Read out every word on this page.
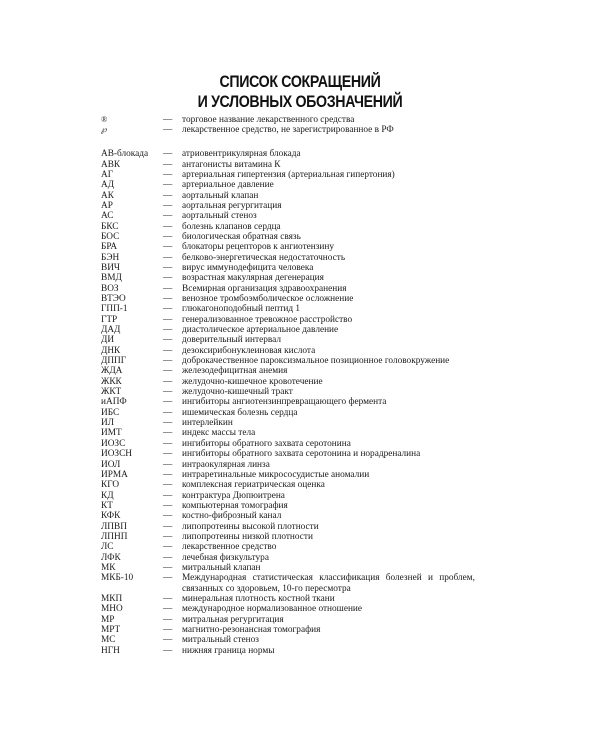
СПИСОК СОКРАЩЕНИЙ
И УСЛОВНЫХ ОБОЗНАЧЕНИЙ
®	— торговое название лекарственного средства
℘	— лекарственное средство, не зарегистрированное в РФ
АВ-блокада — атриовентрикулярная блокада
АВК	— антагонисты витамина К
АГ	— артериальная гипертензия (артериальная гипертония)
АД	— артериальное давление
АК	— аортальный клапан
АР	— аортальная регургитация
АС	— аортальный стеноз
БКС	— болезнь клапанов сердца
БОС	— биологическая обратная связь
БРА	— блокаторы рецепторов к ангиотензину
БЭН	— белково-энергетическая недостаточность
ВИЧ	— вирус иммунодефицита человека
ВМД	— возрастная макулярная дегенерация
ВОЗ	— Всемирная организация здравоохранения
ВТЭО	— венозное тромбоэмболическое осложнение
ГПП-1	— глюкагоноподобный пептид 1
ГТР	— генерализованное тревожное расстройство
ДАД	— диастолическое артериальное давление
ДИ	— доверительный интервал
ДНК	— дезоксирибонуклеиновая кислота
ДППГ	— доброкачественное пароксизмальное позиционное головокружение
ЖДА	— железодефицитная анемия
ЖКК	— желудочно-кишечное кровотечение
ЖКТ	— желудочно-кишечный тракт
иАПФ	— ингибиторы ангиотензинпревращающего фермента
ИБС	— ишемическая болезнь сердца
ИЛ	— интерлейкин
ИМТ	— индекс массы тела
ИОЗС	— ингибиторы обратного захвата серотонина
ИОЗСН	— ингибиторы обратного захвата серотонина и норадреналина
ИОЛ	— интраокулярная линза
ИРМА	— интраретинальные микрососудистые аномалии
КГО	— комплексная гериатрическая оценка
КД	— контрактура Дюпюитрена
КТ	— компьютерная томография
КФК	— костно-фиброзный канал
ЛПВП	— липопротеины высокой плотности
ЛПНП	— липопротеины низкой плотности
ЛС	— лекарственное средство
ЛФК	— лечебная физкультура
МК	— митральный клапан
МКБ-10	— Международная статистическая классификация болезней и проблем, связанных со здоровьем, 10-го пересмотра
МКП	— минеральная плотность костной ткани
МНО	— международное нормализованное отношение
МР	— митральная регургитация
МРТ	— магнитно-резонансная томография
МС	— митральный стеноз
НГН	— нижняя граница нормы
